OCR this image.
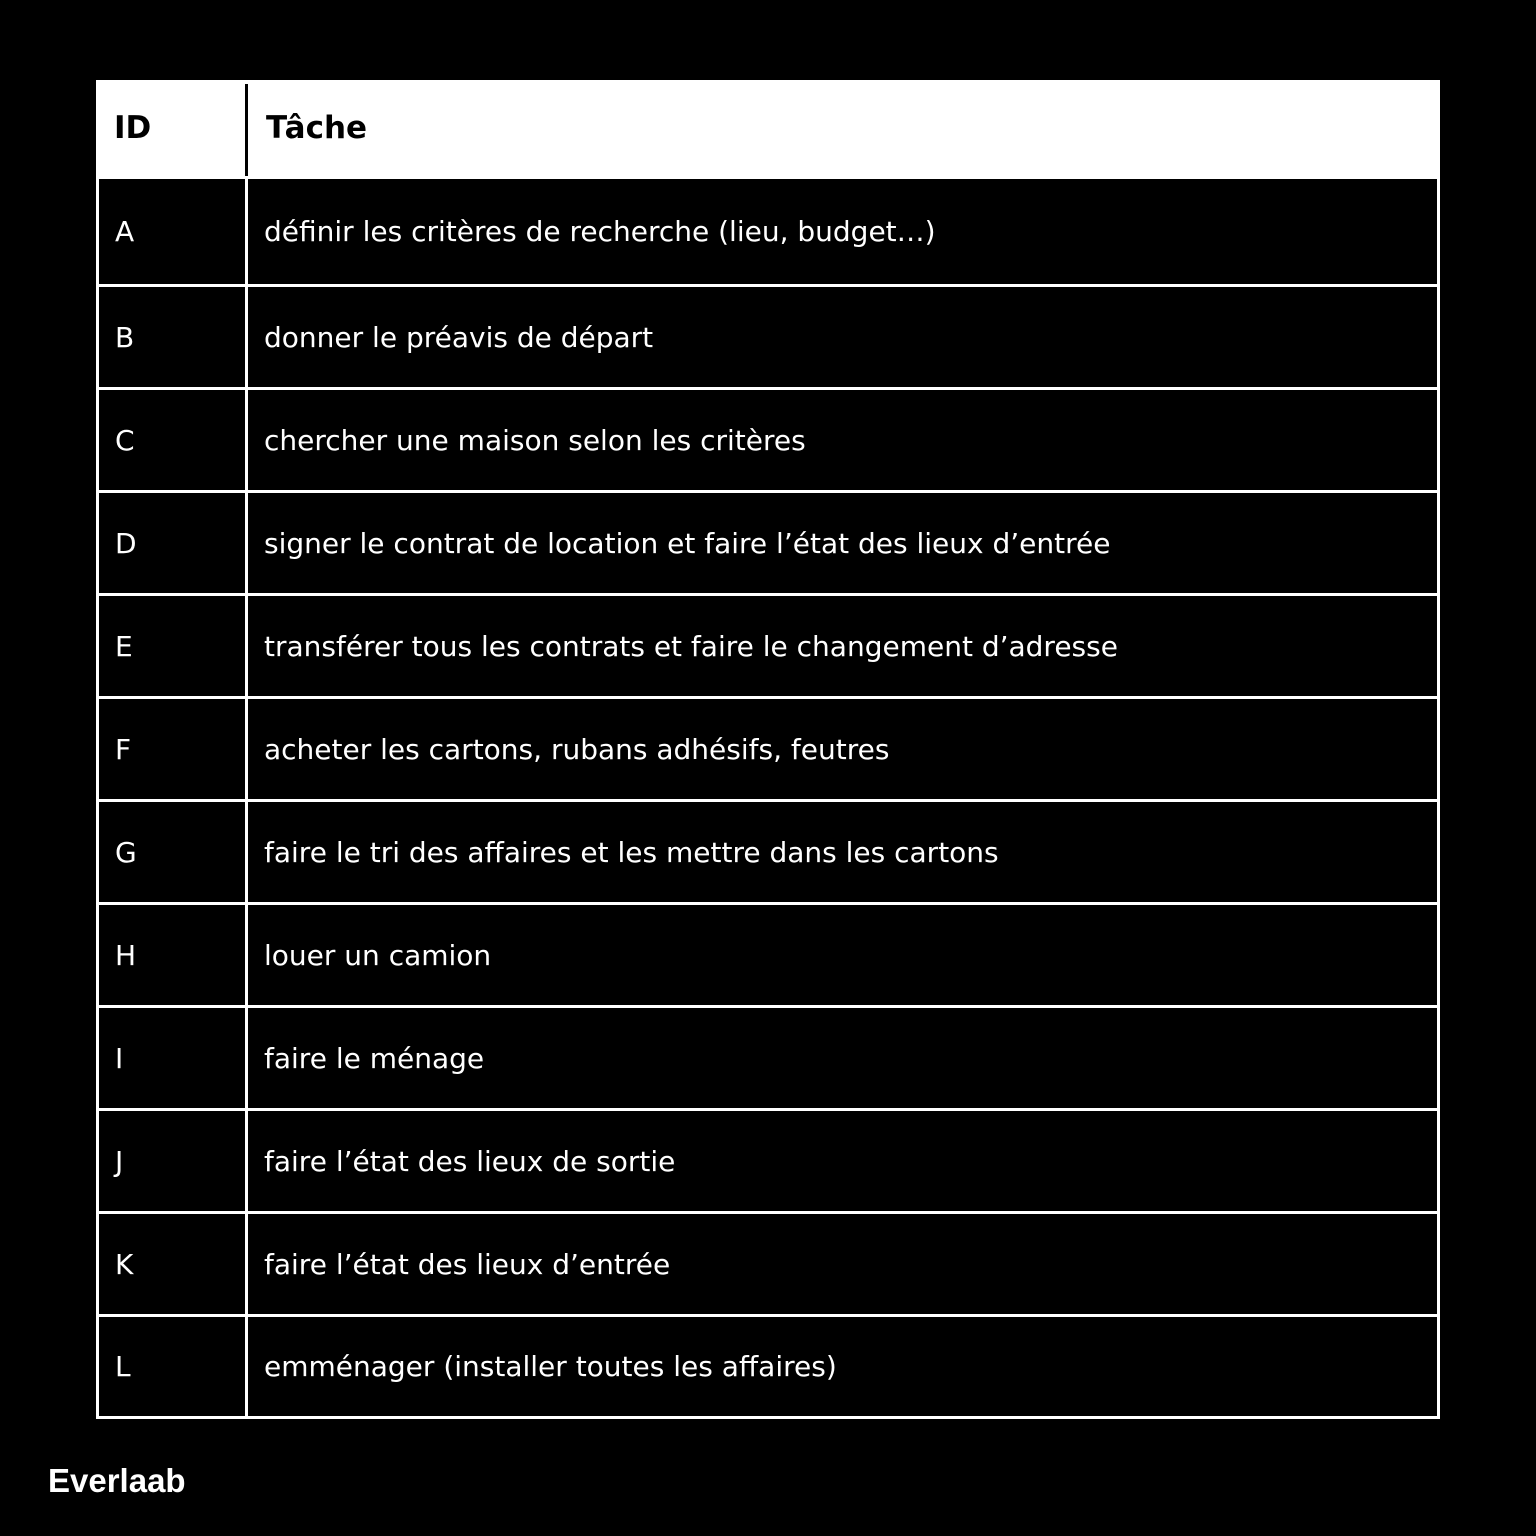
ID	Tâche
A	définir les critères de recherche (lieu, budget…)
B	donner le préavis de départ
C	chercher une maison selon les critères
D	signer le contrat de location et faire l’état des lieux d’entrée
E	transférer tous les contrats et faire le changement d’adresse
F	acheter les cartons, rubans adhésifs, feutres
G	faire le tri des affaires et les mettre dans les cartons
H	louer un camion
I	faire le ménage
J	faire l’état des lieux de sortie
K	faire l’état des lieux d’entrée
L	emménager (installer toutes les affaires)
Everlaab
